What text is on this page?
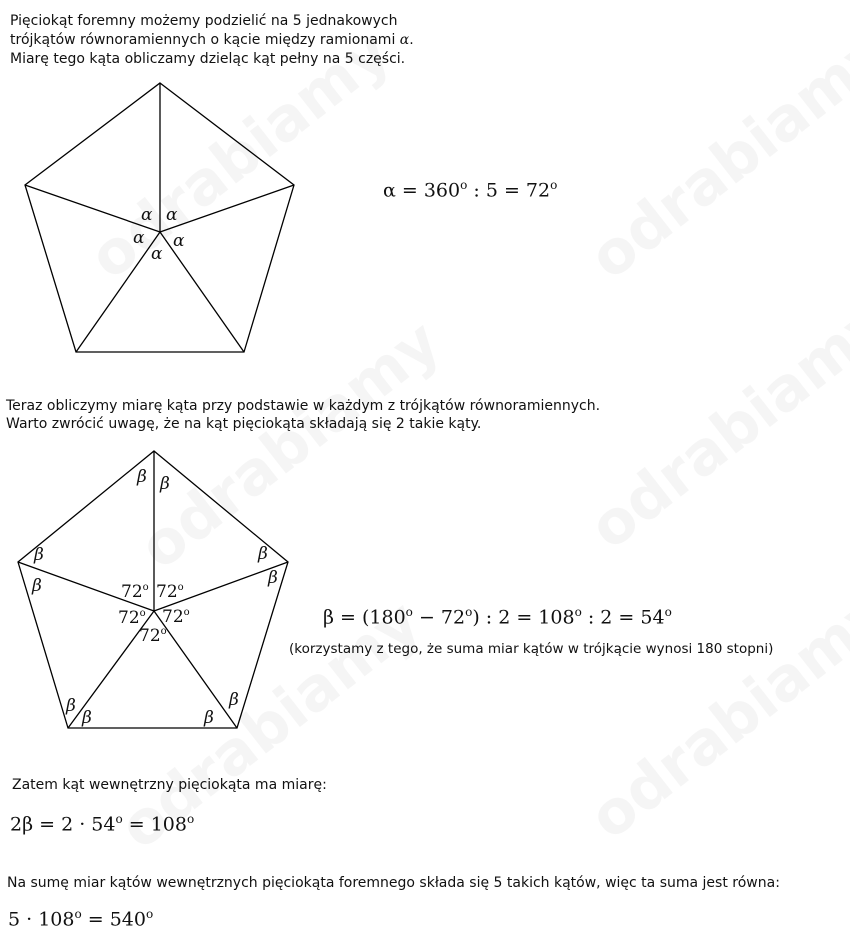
Pięciokąt foremny możemy podzielić na 5 jednakowych
trójkątów równoramiennych o kącie między ramionami α.
Miarę tego kąta obliczamy dzieląc kąt pełny na 5 części.
α α
α α
α
β β
β
β
β
β
β
β
β
β	72$^o$ 72$^o$
72$^o$ 72$^o$
72$^o$
$\alpha = 360^o$ : $5 = 72^o$
Teraz obliczymy miarę kąta przy podstawie w każdym z trójkątów równoramiennych.
Warto zwrócić uwagę, że na kąt pięciokąta składają się 2 takie kąty.
$\beta = (180^o - 72^o)$ : $2 = 108^o$ : $2 = 54^o$
(korzystamy z tego, że suma miar kątów w trójkącie wynosi 180 stopni)
Zatem kąt wewnętrzny pięciokąta ma miarę:
$2\beta = 2 \cdot 54^o = 108^o$
Na sumę miar kątów wewnętrznych pięciokąta foremnego składa się 5 takich kątów, więc ta suma jest równa:
$5 \cdot 108^o = 540^o$
